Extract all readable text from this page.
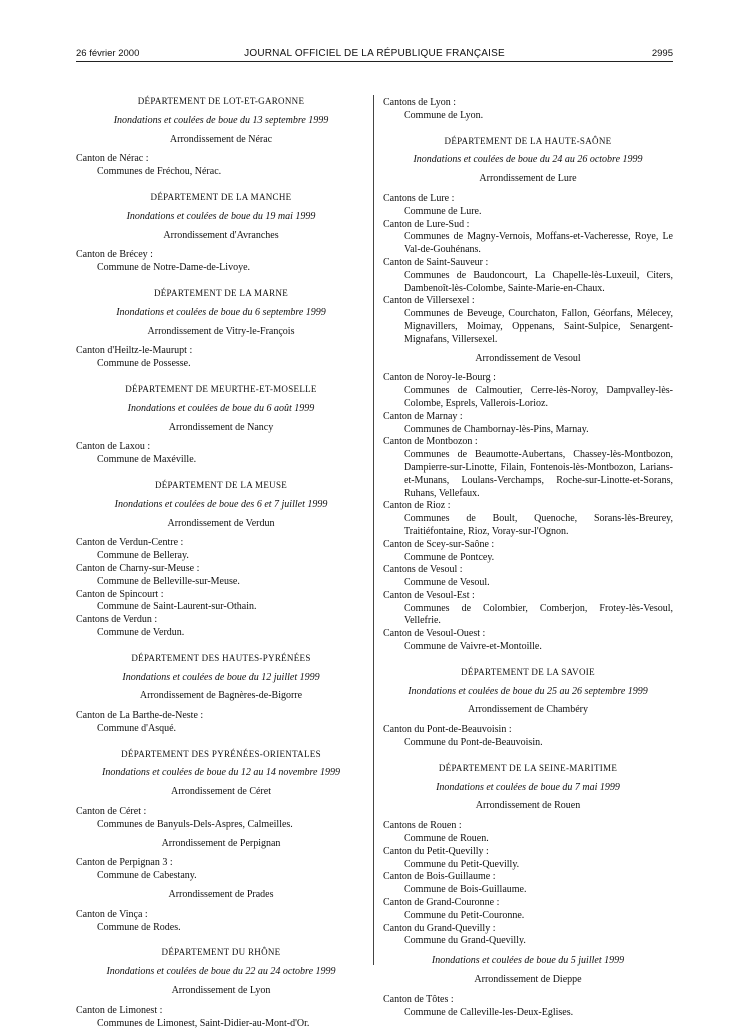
26 février 2000	JOURNAL OFFICIEL DE LA RÉPUBLIQUE FRANÇAISE	2995

DÉPARTEMENT DE LOT-ET-GARONNE

Inondations et coulées de boue du 13 septembre 1999

Arrondissement de Nérac

Canton de Nérac :

Communes de Fréchou, Nérac.

DÉPARTEMENT DE LA MANCHE

Inondations et coulées de boue du 19 mai 1999

Arrondissement d'Avranches

Canton de Brécey :

Commune de Notre-Dame-de-Livoye.

DÉPARTEMENT DE LA MARNE

Inondations et coulées de boue du 6 septembre 1999

Arrondissement de Vitry-le-François

Canton d'Heiltz-le-Maurupt :

Commune de Possesse.

DÉPARTEMENT DE MEURTHE-ET-MOSELLE

Inondations et coulées de boue du 6 août 1999

Arrondissement de Nancy

Canton de Laxou :

Commune de Maxéville.

DÉPARTEMENT DE LA MEUSE

Inondations et coulées de boue des 6 et 7 juillet 1999

Arrondissement de Verdun

Canton de Verdun-Centre :

Commune de Belleray.

Canton de Charny-sur-Meuse :

Commune de Belleville-sur-Meuse.

Canton de Spincourt :

Commune de Saint-Laurent-sur-Othain.

Cantons de Verdun :

Commune de Verdun.

DÉPARTEMENT DES HAUTES-PYRÉNÉES

Inondations et coulées de boue du 12 juillet 1999

Arrondissement de Bagnères-de-Bigorre

Canton de La Barthe-de-Neste :

Commune d'Asqué.

DÉPARTEMENT DES PYRÉNÉES-ORIENTALES

Inondations et coulées de boue du 12 au 14 novembre 1999

Arrondissement de Céret

Canton de Céret :

Communes de Banyuls-Dels-Aspres, Calmeilles.

Arrondissement de Perpignan

Canton de Perpignan 3 :

Commune de Cabestany.

Arrondissement de Prades

Canton de Vinça :

Commune de Rodes.

DÉPARTEMENT DU RHÔNE

Inondations et coulées de boue du 22 au 24 octobre 1999

Arrondissement de Lyon

Canton de Limonest :

Communes de Limonest, Saint-Didier-au-Mont-d'Or.

Cantons de Lyon :

Commune de Lyon.

DÉPARTEMENT DE LA HAUTE-SAÔNE

Inondations et coulées de boue du 24 au 26 octobre 1999

Arrondissement de Lure

Cantons de Lure :

Commune de Lure.

Canton de Lure-Sud :

Communes de Magny-Vernois, Moffans-et-Vacheresse, Roye, Le Val-de-Gouhénans.

Canton de Saint-Sauveur :

Communes de Baudoncourt, La Chapelle-lès-Luxeuil, Citers, Dambenoît-lès-Colombe, Sainte-Marie-en-Chaux.

Canton de Villersexel :

Communes de Beveuge, Courchaton, Fallon, Géorfans, Mélecey, Mignavillers, Moimay, Oppenans, Saint-Sulpice, Senargent-Mignafans, Villersexel.

Arrondissement de Vesoul

Canton de Noroy-le-Bourg :

Communes de Calmoutier, Cerre-lès-Noroy, Dampvalley-lès-Colombe, Esprels, Vallerois-Lorioz.

Canton de Marnay :

Communes de Chambornay-lès-Pins, Marnay.

Canton de Montbozon :

Communes de Beaumotte-Aubertans, Chassey-lès-Montbozon, Dampierre-sur-Linotte, Filain, Fontenois-lès-Montbozon, Larians-et-Munans, Loulans-Verchamps, Roche-sur-Linotte-et-Sorans, Ruhans, Vellefaux.

Canton de Rioz :

Communes de Boult, Quenoche, Sorans-lès-Breurey, Traitiéfontaine, Rioz, Voray-sur-l'Ognon.

Canton de Scey-sur-Saône :

Commune de Pontcey.

Cantons de Vesoul :

Commune de Vesoul.

Canton de Vesoul-Est :

Communes de Colombier, Comberjon, Frotey-lès-Vesoul, Vellefrie.

Canton de Vesoul-Ouest :

Commune de Vaivre-et-Montoille.

DÉPARTEMENT DE LA SAVOIE

Inondations et coulées de boue du 25 au 26 septembre 1999

Arrondissement de Chambéry

Canton du Pont-de-Beauvoisin :

Commune du Pont-de-Beauvoisin.

DÉPARTEMENT DE LA SEINE-MARITIME

Inondations et coulées de boue du 7 mai 1999

Arrondissement de Rouen

Cantons de Rouen :

Commune de Rouen.

Canton du Petit-Quevilly :

Commune du Petit-Quevilly.

Canton de Bois-Guillaume :

Commune de Bois-Guillaume.

Canton de Grand-Couronne :

Commune du Petit-Couronne.

Canton du Grand-Quevilly :

Commune du Grand-Quevilly.

Inondations et coulées de boue du 5 juillet 1999

Arrondissement de Dieppe

Canton de Tôtes :

Commune de Calleville-les-Deux-Eglises.
